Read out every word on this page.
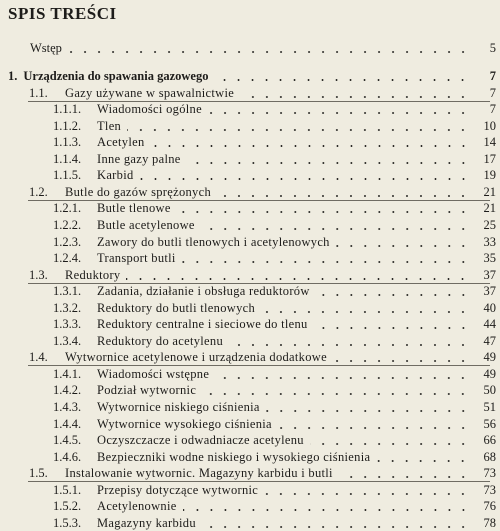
SPIS TREŚCI
Wstęp	5
1. Urządzenia do spawania gazowego	7
1.1.	Gazy używane w spawalnictwie	7
1.1.1.	Wiadomości ogólne	7
1.1.2.	Tlen	10
1.1.3.	Acetylen	14
1.1.4.	Inne gazy palne	17
1.1.5.	Karbid	19
1.2.	Butle do gazów sprężonych	21
1.2.1.	Butle tlenowe	21
1.2.2.	Butle acetylenowe	25
1.2.3.	Zawory do butli tlenowych i acetylenowych	33
1.2.4.	Transport butli	35
1.3.	Reduktory	37
1.3.1.	Zadania, działanie i obsługa reduktorów	37
1.3.2.	Reduktory do butli tlenowych	40
1.3.3.	Reduktory centralne i sieciowe do tlenu	44
1.3.4.	Reduktory do acetylenu	47
1.4.	Wytwornice acetylenowe i urządzenia dodatkowe	49
1.4.1.	Wiadomości wstępne	49
1.4.2.	Podział wytwornic	50
1.4.3.	Wytwornice niskiego ciśnienia	51
1.4.4.	Wytwornice wysokiego ciśnienia	56
1.4.5.	Oczyszczacze i odwadniacze acetylenu	66
1.4.6.	Bezpieczniki wodne niskiego i wysokiego ciśnienia	68
1.5.	Instalowanie wytwornic. Magazyny karbidu i butli	73
1.5.1.	Przepisy dotyczące wytwornic	73
1.5.2.	Acetylenownie	76
1.5.3.	Magazyny karbidu	78
